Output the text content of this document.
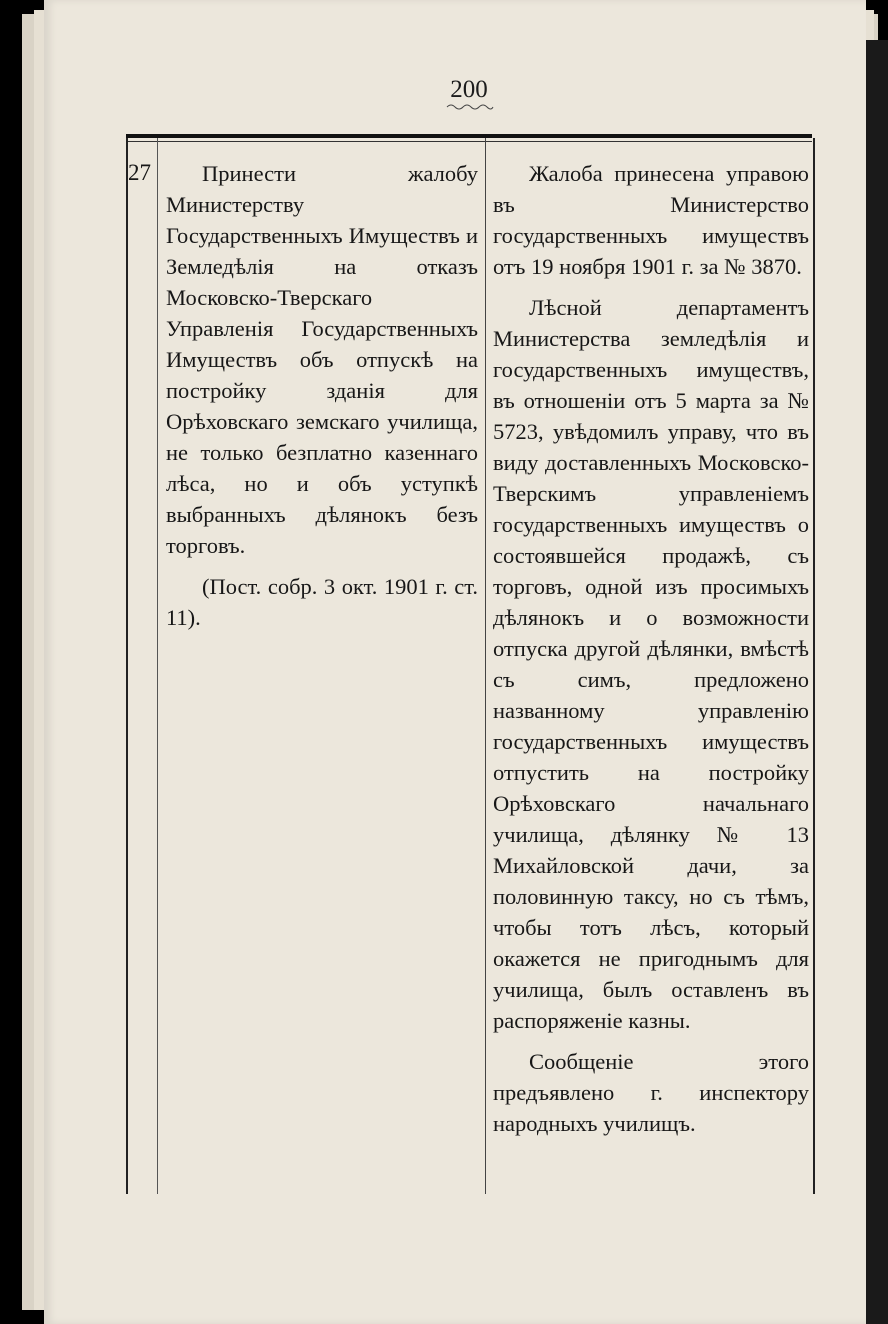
200
27	Принести жалобу Министерству Государственныхъ Имуществъ и Земледѣлія на отказъ Московско-Тверскаго Управленія Государственныхъ Имуществъ объ отпускѣ на постройку зданія для Орѣховскаго земскаго училища, не только безплатно казеннаго лѣса, но и объ уступкѣ выбранныхъ дѣлянокъ безъ торговъ.

(Пост. собр. 3 окт. 1901 г. ст. 11).

Жалоба принесена управою въ Министерство государственныхъ имуществъ отъ 19 ноября 1901 г. за № 3870.

Лѣсной департаментъ Министерства земледѣлія и государственныхъ имуществъ, въ отношеніи отъ 5 марта за № 5723, увѣдомилъ управу, что въ виду доставленныхъ Московско-Тверскимъ управленіемъ государственныхъ имуществъ о состоявшейся продажѣ, съ торговъ, одной изъ просимыхъ дѣлянокъ и о возможности отпуска другой дѣлянки, вмѣстѣ съ симъ, предложено названному управленію государственныхъ имуществъ отпустить на постройку Орѣховскаго начальнаго училища, дѣлянку № 13 Михайловской дачи, за половинную таксу, но съ тѣмъ, чтобы тотъ лѣсъ, который окажется не пригоднымъ для училища, былъ оставленъ въ распоряженіе казны.

Сообщеніе этого предъявлено г. инспектору народныхъ училищъ.
